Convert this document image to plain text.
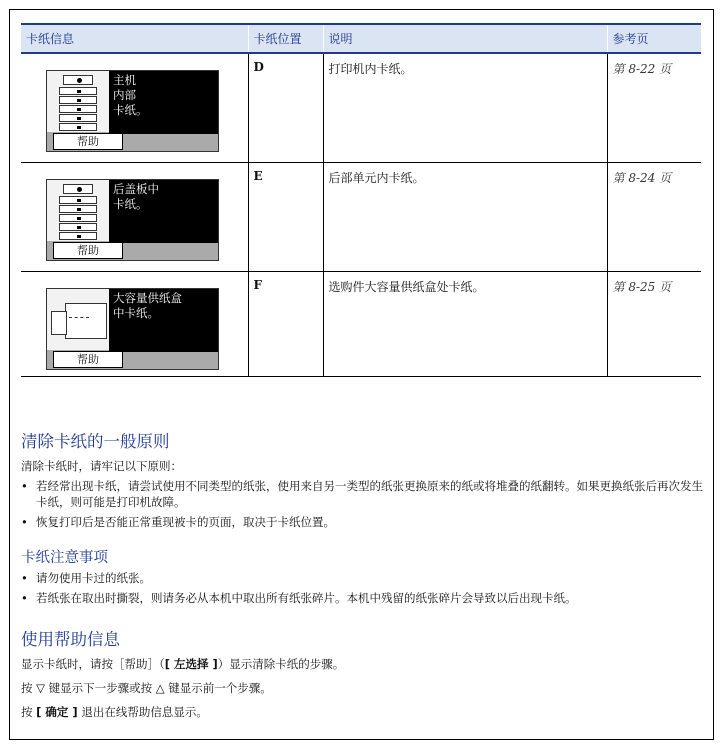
卡纸信息	卡纸位置	说明	参考页

主机
内部
卡纸。
帮助	D	打印机内卡纸。	第 8-22 页

后盖板中
卡纸。
帮助	E	后部单元内卡纸。	第 8-24 页

大容量供纸盒
中卡纸。
帮助	F	选购件大容量供纸盒处卡纸。	第 8-25 页
清除卡纸的一般原则
清除卡纸时，请牢记以下原则：
• 若经常出现卡纸，请尝试使用不同类型的纸张，使用来自另一类型的纸张更换原来的纸或将堆叠的纸翻转。如果更换纸张后再次发生卡纸，则可能是打印机故障。
• 恢复打印后是否能正常重现被卡的页面，取决于卡纸位置。
卡纸注意事项
• 请勿使用卡过的纸张。
• 若纸张在取出时撕裂，则请务必从本机中取出所有纸张碎片。本机中残留的纸张碎片会导致以后出现卡纸。
使用帮助信息
显示卡纸时，请按［帮助］（[ 左选择 ]）显示清除卡纸的步骤。
按 ▽ 键显示下一步骤或按 △ 键显示前一个步骤。
按 [ 确定 ] 退出在线帮助信息显示。
